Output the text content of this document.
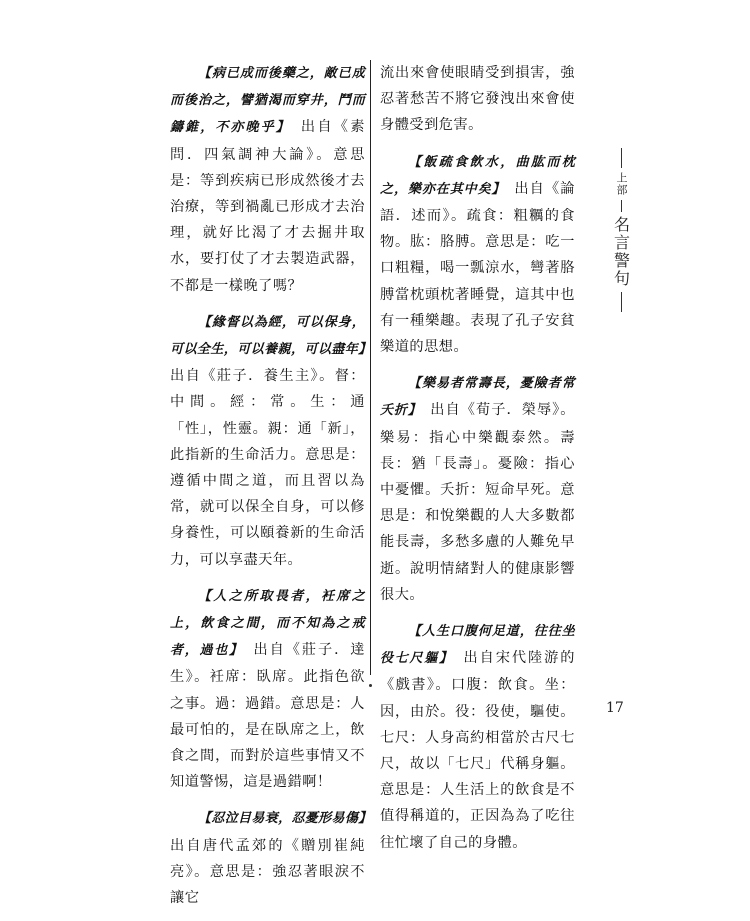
【病已成而後藥之，敵已成而後治之，譬猶渴而穿井，鬥而鑄錐，不亦晚乎】　 出自《素問．四氣調神大論》。意思是：等到疾病已形成然後才去治療，等到禍亂已形成才去治理，就好比渴了才去掘井取水，要打仗了才去製造武器，不都是一樣晚了嗎？
【緣督以為經，可以保身，可以全生，可以養親，可以盡年】　出自《莊子．養生主》。督：中間。經：常。生：通「性」，性靈。親：通「新」，此指新的生命活力。意思是：遵循中間之道，而且習以為常，就可以保全自身，可以修身養性，可以頤養新的生命活力，可以享盡天年。
【人之所取畏者，衽席之上，飲食之間，而不知為之戒者，過也】　 出自《莊子．達生》。衽席：臥席。此指色欲之事。過：過錯。意思是：人最可怕的，是在臥席之上，飲食之間，而對於這些事情又不知道警惕，這是過錯啊！
【忍泣目易衰，忍憂形易傷】　出自唐代孟郊的《贈別崔純亮》。意思是：強忍著眼淚不讓它
流出來會使眼睛受到損害，強忍著愁苦不將它發洩出來會使身體受到危害。
【飯疏食飲水，曲肱而枕之，樂亦在其中矣】　 出自《論語．述而》。疏食：粗糲的食物。肱：胳膊。意思是：吃一口粗糧，喝一瓢涼水，彎著胳膊當枕頭枕著睡覺，這其中也有一種樂趣。表現了孔子安貧樂道的思想。
【樂易者常壽長，憂險者常夭折】　 出自《荀子．榮辱》。樂易：指心中樂觀泰然。壽長：猶「長壽」。憂險：指心中憂懼。夭折：短命早死。意思是：和悅樂觀的人大多數都能長壽，多愁多慮的人難免早逝。說明情緒對人的健康影響很大。
【人生口腹何足道，往往坐役七尺軀】　 出自宋代陸游的《戲書》。口腹：飲食。坐：因，由於。役：役使，驅使。七尺：人身高約相當於古尺七尺，故以「七尺」代稱身軀。意思是：人生活上的飲食是不值得稱道的，正因為為了吃往往忙壞了自己的身體。
上部
名言警句
17
